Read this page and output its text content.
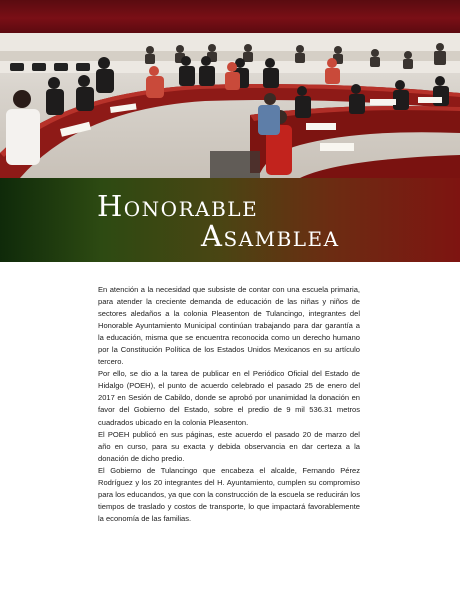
Honorable
Asamblea

En atención a la necesidad que subsiste de contar con una escuela primaria, para atender la creciente demanda de educación de las niñas y niños de sectores aledaños a la colonia Pleasenton de Tulancingo, integrantes del Honorable Ayuntamiento Municipal continúan trabajando para dar garantía a la educación, misma que se encuentra reconocida como un derecho humano por la Constitución Política de los Estados Unidos Mexicanos en su artículo tercero.

Por ello, se dio a la tarea de publicar en el Periódico Oficial del Estado de Hidalgo (POEH), el punto de acuerdo celebrado el pasado 25 de enero del 2017 en Sesión de Cabildo, donde se aprobó por unanimidad la donación en favor del Gobierno del Estado, sobre el predio de 9 mil 536.31 metros cuadrados ubicado en la colonia Pleasenton.

El POEH publicó en sus páginas, este acuerdo el pasado 20 de marzo del año en curso, para su exacta y debida observancia en dar certeza a la donación de dicho predio.

El Gobierno de Tulancingo que encabeza el alcalde, Fernando Pérez Rodríguez y los 20 integrantes del H. Ayuntamiento, cumplen su compromiso para los educandos, ya que con la construcción de la escuela se reducirán los tiempos de traslado y costos de transporte, lo que impactará favorablemente la economía de las familias.
